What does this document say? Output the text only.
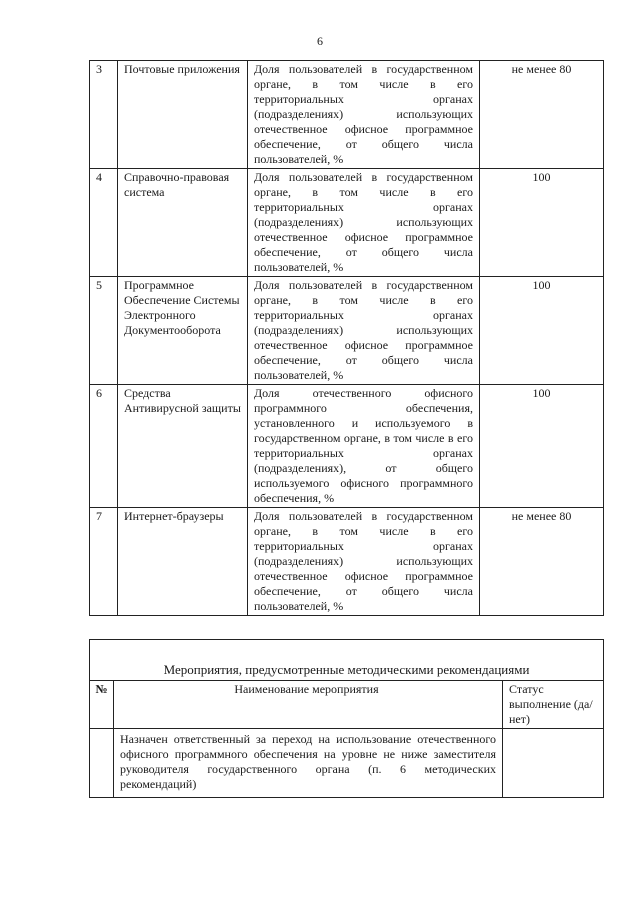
6
3	Почтовые приложения	Доля пользователей в государственном органе, в том числе в его территориальных органах (подразделениях) использующих отечественное офисное программное обеспечение, от общего числа пользователей, %	не менее 80
4	Справочно-правовая система	Доля пользователей в государственном органе, в том числе в его территориальных органах (подразделениях) использующих отечественное офисное программное обеспечение, от общего числа пользователей, %	100
5	Программное Обеспечение Системы Электронного Документооборота	Доля пользователей в государственном органе, в том числе в его территориальных органах (подразделениях) использующих отечественное офисное программное обеспечение, от общего числа пользователей, %	100
6	Средства Антивирусной защиты	Доля отечественного офисного программного обеспечения, установленного и используемого в государственном органе, в том числе в его территориальных органах (подразделениях), от общего используемого офисного программного обеспечения, %	100
7	Интернет-браузеры	Доля пользователей в государственном органе, в том числе в его территориальных органах (подразделениях) использующих отечественное офисное программное обеспечение, от общего числа пользователей, %	не менее 80
Мероприятия, предусмотренные методическими рекомендациями		
№	Наименование мероприятия	Статус выполнение (да/нет)
	Назначен ответственный за переход на использование отечественного офисного программного обеспечения на уровне не ниже заместителя руководителя государственного органа (п. 6 методических рекомендаций)	
